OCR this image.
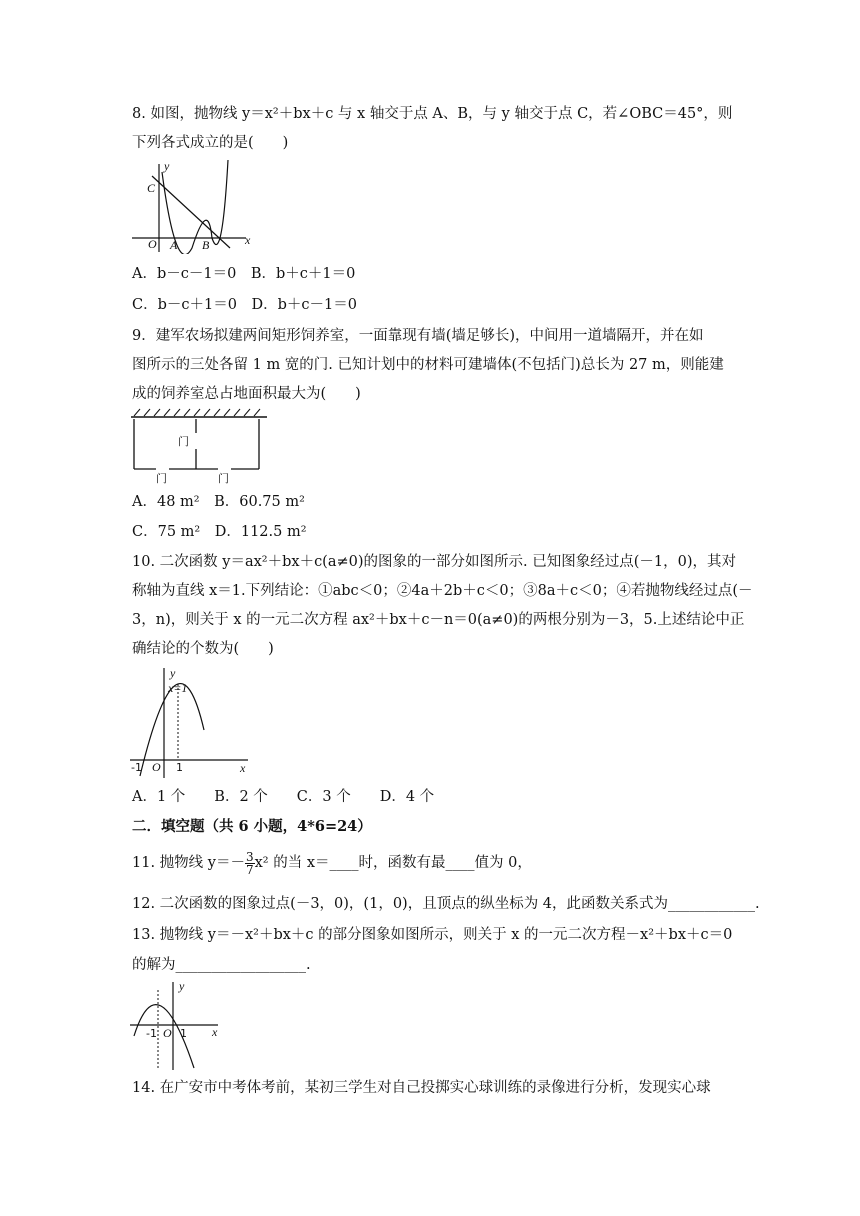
8. 如图，抛物线 y＝x²＋bx＋c 与 x 轴交于点 A、B，与 y 轴交于点 C，若∠OBC＝45°，则
下列各式成立的是(　　)
y
x
C
O A B
A．b－c－1＝0　B．b＋c＋1＝0
C．b－c＋1＝0　D．b＋c－1＝0
9．建军农场拟建两间矩形饲养室，一面靠现有墙(墙足够长)，中间用一道墙隔开，并在如
图所示的三处各留 1 m 宽的门. 已知计划中的材料可建墙体(不包括门)总长为 27 m，则能建
成的饲养室总占地面积最大为(　　)
门
门	门
A．48 m²　B．60.75 m²
C．75 m²　D．112.5 m²
10. 二次函数 y＝ax²＋bx＋c(a≠0)的图象的一部分如图所示. 已知图象经过点(－1，0)，其对
称轴为直线 x＝1.下列结论：①abc＜0；②4a＋2b＋c＜0；③8a＋c＜0；④若抛物线经过点(－
3，n)，则关于 x 的一元二次方程 ax²＋bx＋c－n＝0(a≠0)的两根分别为－3，5.上述结论中正
确结论的个数为(　　)
y
x=1
x
-1 O 1
A．1 个　　B．2 个　　C．3 个　　D．4 个
二．填空题（共 6 小题，4*6=24）
11. 抛物线 $y=- \frac{3}{7} x^2$ 的当 x＝____时，函数有最____值为 0，
12. 二次函数的图象过点(－3，0)，(1，0)，且顶点的纵坐标为 4，此函数关系式为____________.
13. 抛物线 y＝－x²＋bx＋c 的部分图象如图所示，则关于 x 的一元二次方程－x²＋bx＋c＝0
的解为__________________.
y
x
-1 O 1
14. 在广安市中考体考前，某初三学生对自己投掷实心球训练的录像进行分析，发现实心球
